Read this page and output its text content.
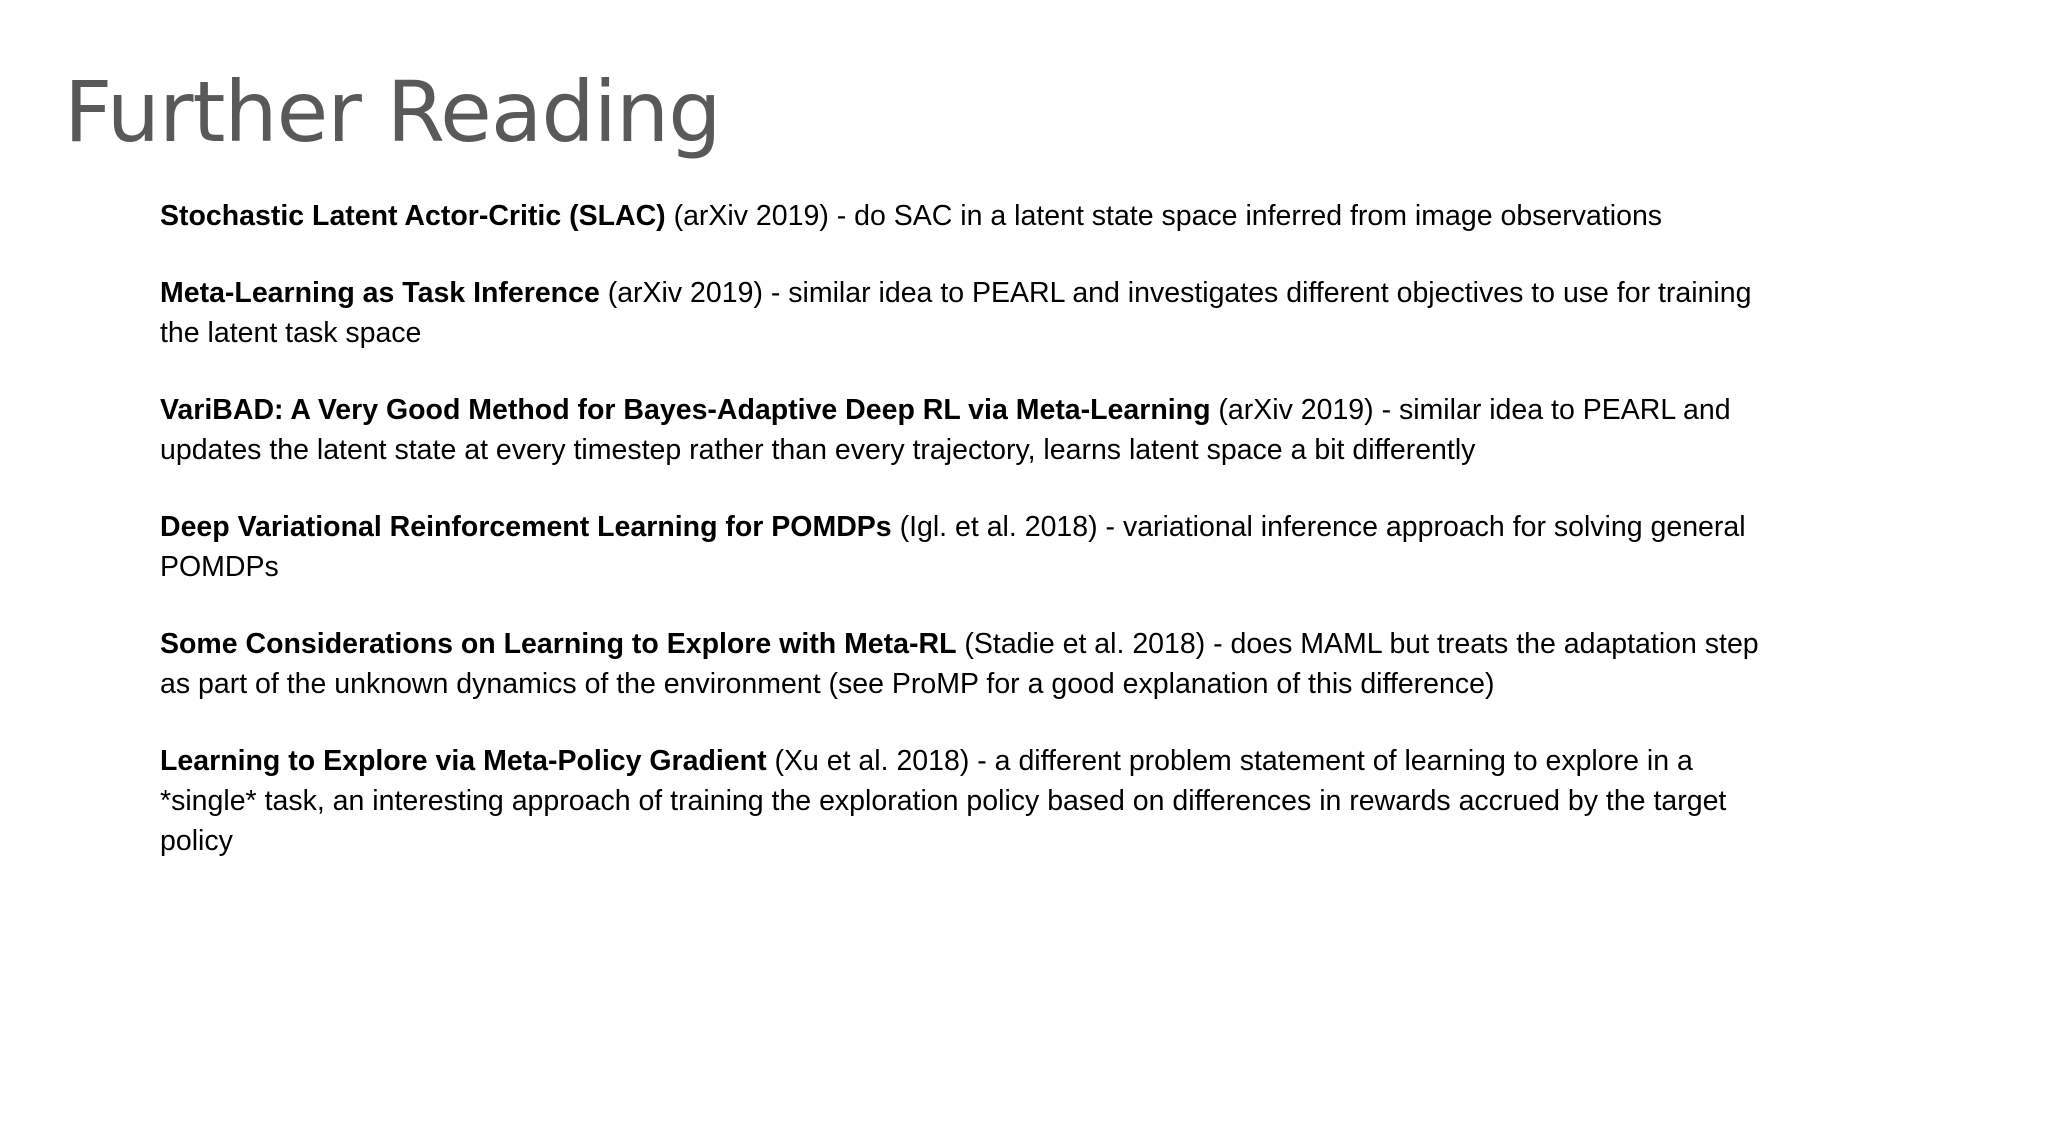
Further Reading
Stochastic Latent Actor-Critic (SLAC) (arXiv 2019) - do SAC in a latent state space inferred from image observations
Meta-Learning as Task Inference (arXiv 2019) - similar idea to PEARL and investigates different objectives to use for training the latent task space
VariBAD: A Very Good Method for Bayes-Adaptive Deep RL via Meta-Learning (arXiv 2019) - similar idea to PEARL and updates the latent state at every timestep rather than every trajectory, learns latent space a bit differently
Deep Variational Reinforcement Learning for POMDPs (Igl. et al. 2018) - variational inference approach for solving general POMDPs
Some Considerations on Learning to Explore with Meta-RL (Stadie et al. 2018) - does MAML but treats the adaptation step as part of the unknown dynamics of the environment (see ProMP for a good explanation of this difference)
Learning to Explore via Meta-Policy Gradient (Xu et al. 2018) - a different problem statement of learning to explore in a *single* task, an interesting approach of training the exploration policy based on differences in rewards accrued by the target policy
